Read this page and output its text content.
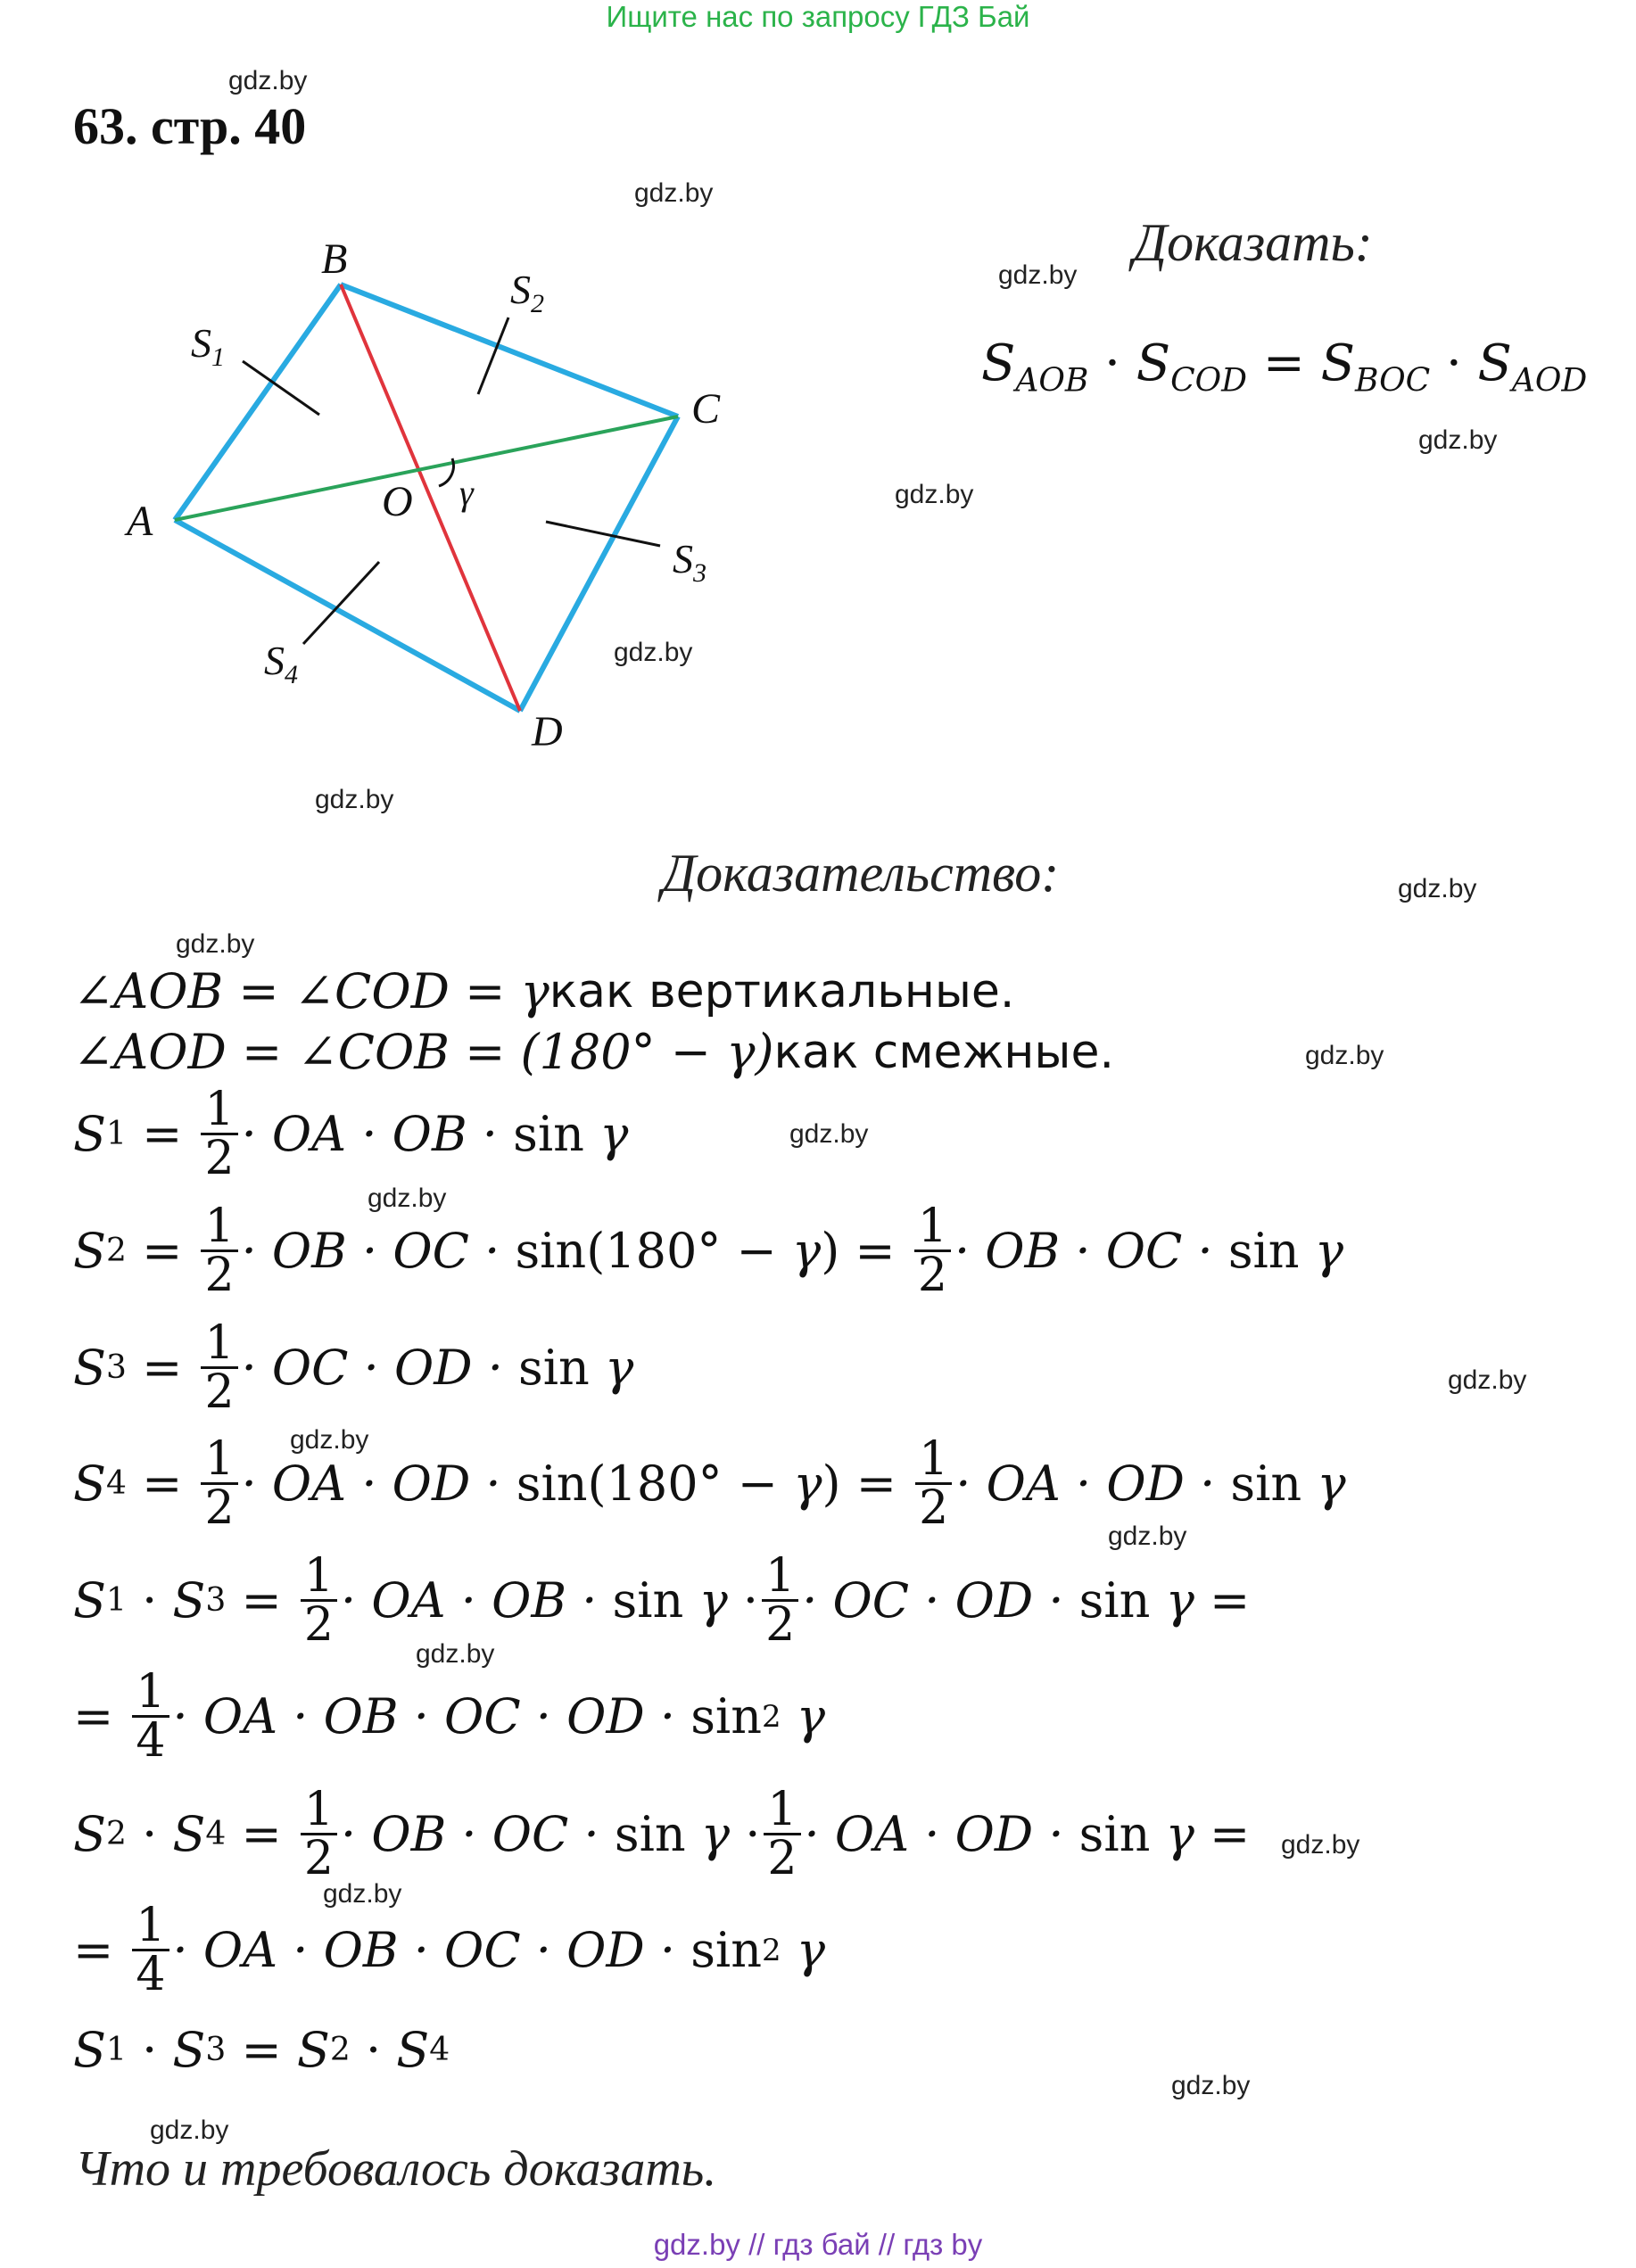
Ищите нас по запросу ГДЗ Бай
63. стр. 40
gdz.by
gdz.by
gdz.by
gdz.by
gdz.by
gdz.by
gdz.by
gdz.by
gdz.by
gdz.by
gdz.by
gdz.by
gdz.by
gdz.by
gdz.by
gdz.by
gdz.by
gdz.by
gdz.by
gdz.by
B
C
A
D
O γ
$S_1$
$S_2$
$S_3$
$S_4$
Доказать:
$S_{AOB} \cdot S_{COD} = S_{BOC} \cdot S_{AOD}$
Доказательство:
∠AOB = ∠COD = γ как вертикальные.
∠AOD = ∠COB = (180° − γ) как смежные.
S $1 = \frac{1}{2}$ · OA · OB · sin γ
S $2 = \frac{1}{2}$ · OB · OC · sin(180° − γ ) = $\frac{1}{2}$ · OB · OC · sin γ
S $3 = \frac{1}{2}$ · OC · OD · sin γ
S $4 = \frac{1}{2}$ · OA · OD · sin(180° − γ ) = $\frac{1}{2}$ · OA · OD · sin γ
S 1 · S $3 = \frac{1}{2}$ · OA · OB · $\sin \gamma \cdot \frac{1}{2}$ · OC · OD · sin γ =
= $\frac{1}{4}$ · OA · OB · OC · OD · sin 2
γ
S 2 · S $4 = \frac{1}{2}$ · OB · OC · $\sin \gamma \cdot \frac{1}{2}$ · OA · OD · sin γ =
= $\frac{1}{4}$ · OA · OB · OC · OD · sin 2
γ
S 1 · S 3 = S 2 · S 4
Что и требовалось доказать.
gdz.by // гдз бай // гдз by
